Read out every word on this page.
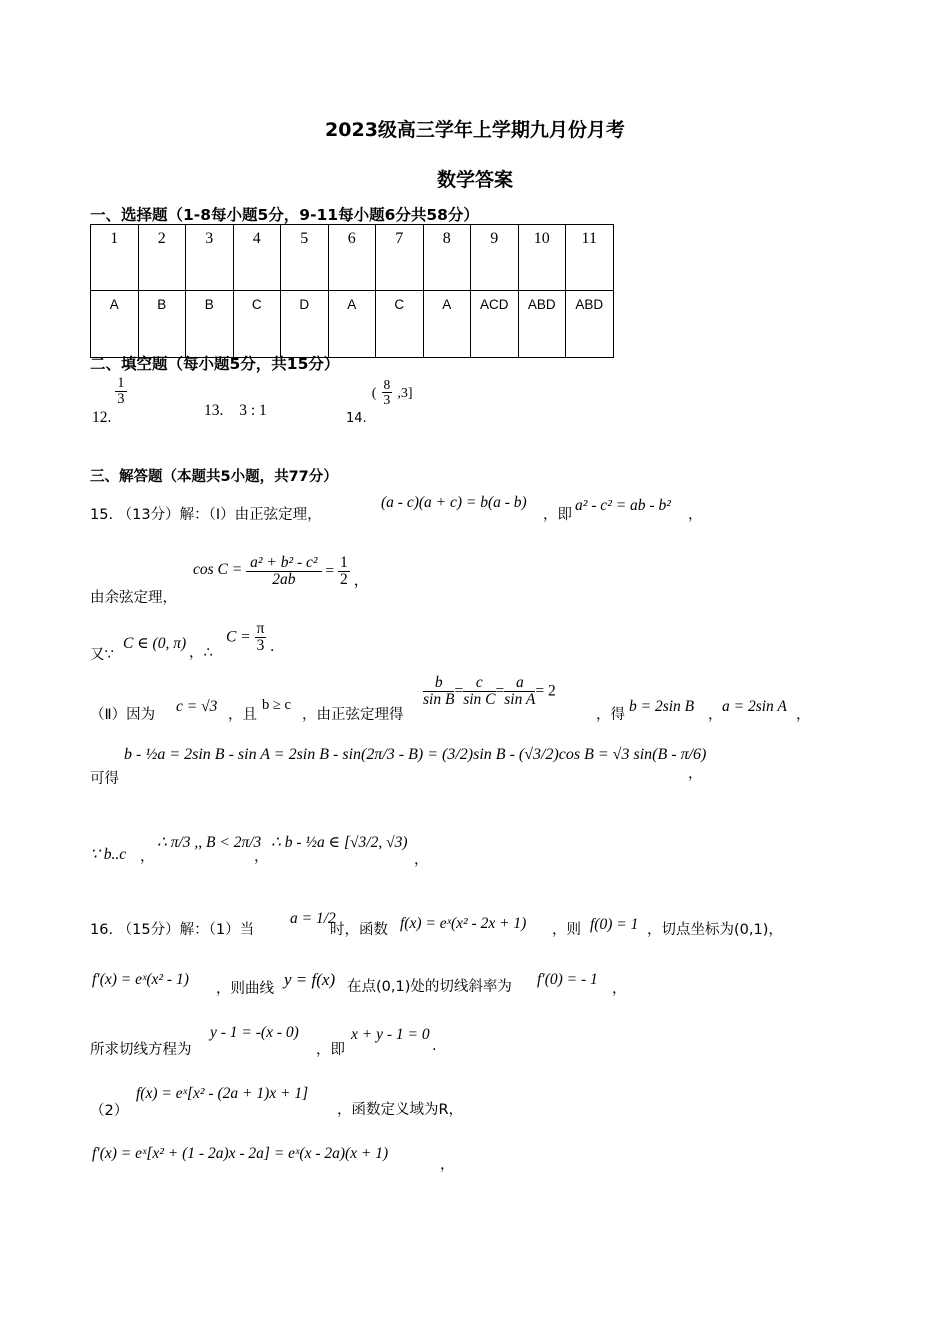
2023级高三学年上学期九月份月考
数学答案
一、选择题（1-8每小题5分，9-11每小题6分共58分）
1	2	3	4	5	6	7	8	9	10	11
A	B	B	C	D	A	C	A	ACD	ABD	ABD
二、填空题（每小题5分，共15分）
12.
$\frac{1}{3}$
13. 3 : 1	$_{14.}$ ( $\frac{8}{3} ,3$]
三、解答题（本题共5小题，共77分）
15. （13分）解：（Ⅰ）由正弦定理，
(a - c)(a + c) = b(a - b)
，即
a² - c² = ab - b²
，
由余弦定理，
$\cos C = \frac{\text{a² + b² - c²}}{2ab} = \frac{1}{2}$ ，
又∵
C ∈ (0, π)
，∴
$C = \frac{\pi}{3}$ .
（Ⅱ）因为 c = √3 ，且
b ≥ c
，由正弦定理得
$\frac{b}{\text{sin B}} = \frac{c}{\text{sin C}} = \frac{a}{\text{sin A}} = 2$
，得 b = 2sin B ， a = 2sin A ，
可得
b - ½a = 2sin B - sin A = 2sin B - sin(2π/3 - B) = (3/2)sin B - (√3/2)cos B = √3 sin(B - π/6)
，
∵ b..c ，
∴ π/3 ,, B < 2π/3
，
∴ b - ½a ∈ [√3/2, √3)
，
16. （15分）解：（1）当
a = 1/2
时，函数 f(x) = eˣ(x² - 2x + 1) ，则 f(0) = 1 ，切点坐标为(0,1)，
f′(x) = eˣ(x² - 1)
，则曲线 y = f(x) 在点(0,1)处的切线斜率为 f′(0) = - 1
，
所求切线方程为
y - 1 = -(x - 0)
，即
x + y - 1 = 0
.
（2）
f(x) = eˣ[x² - (2a + 1)x + 1]
，函数定义域为R，
f′(x) = eˣ[x² + (1 - 2a)x - 2a] = eˣ(x - 2a)(x + 1)
，
